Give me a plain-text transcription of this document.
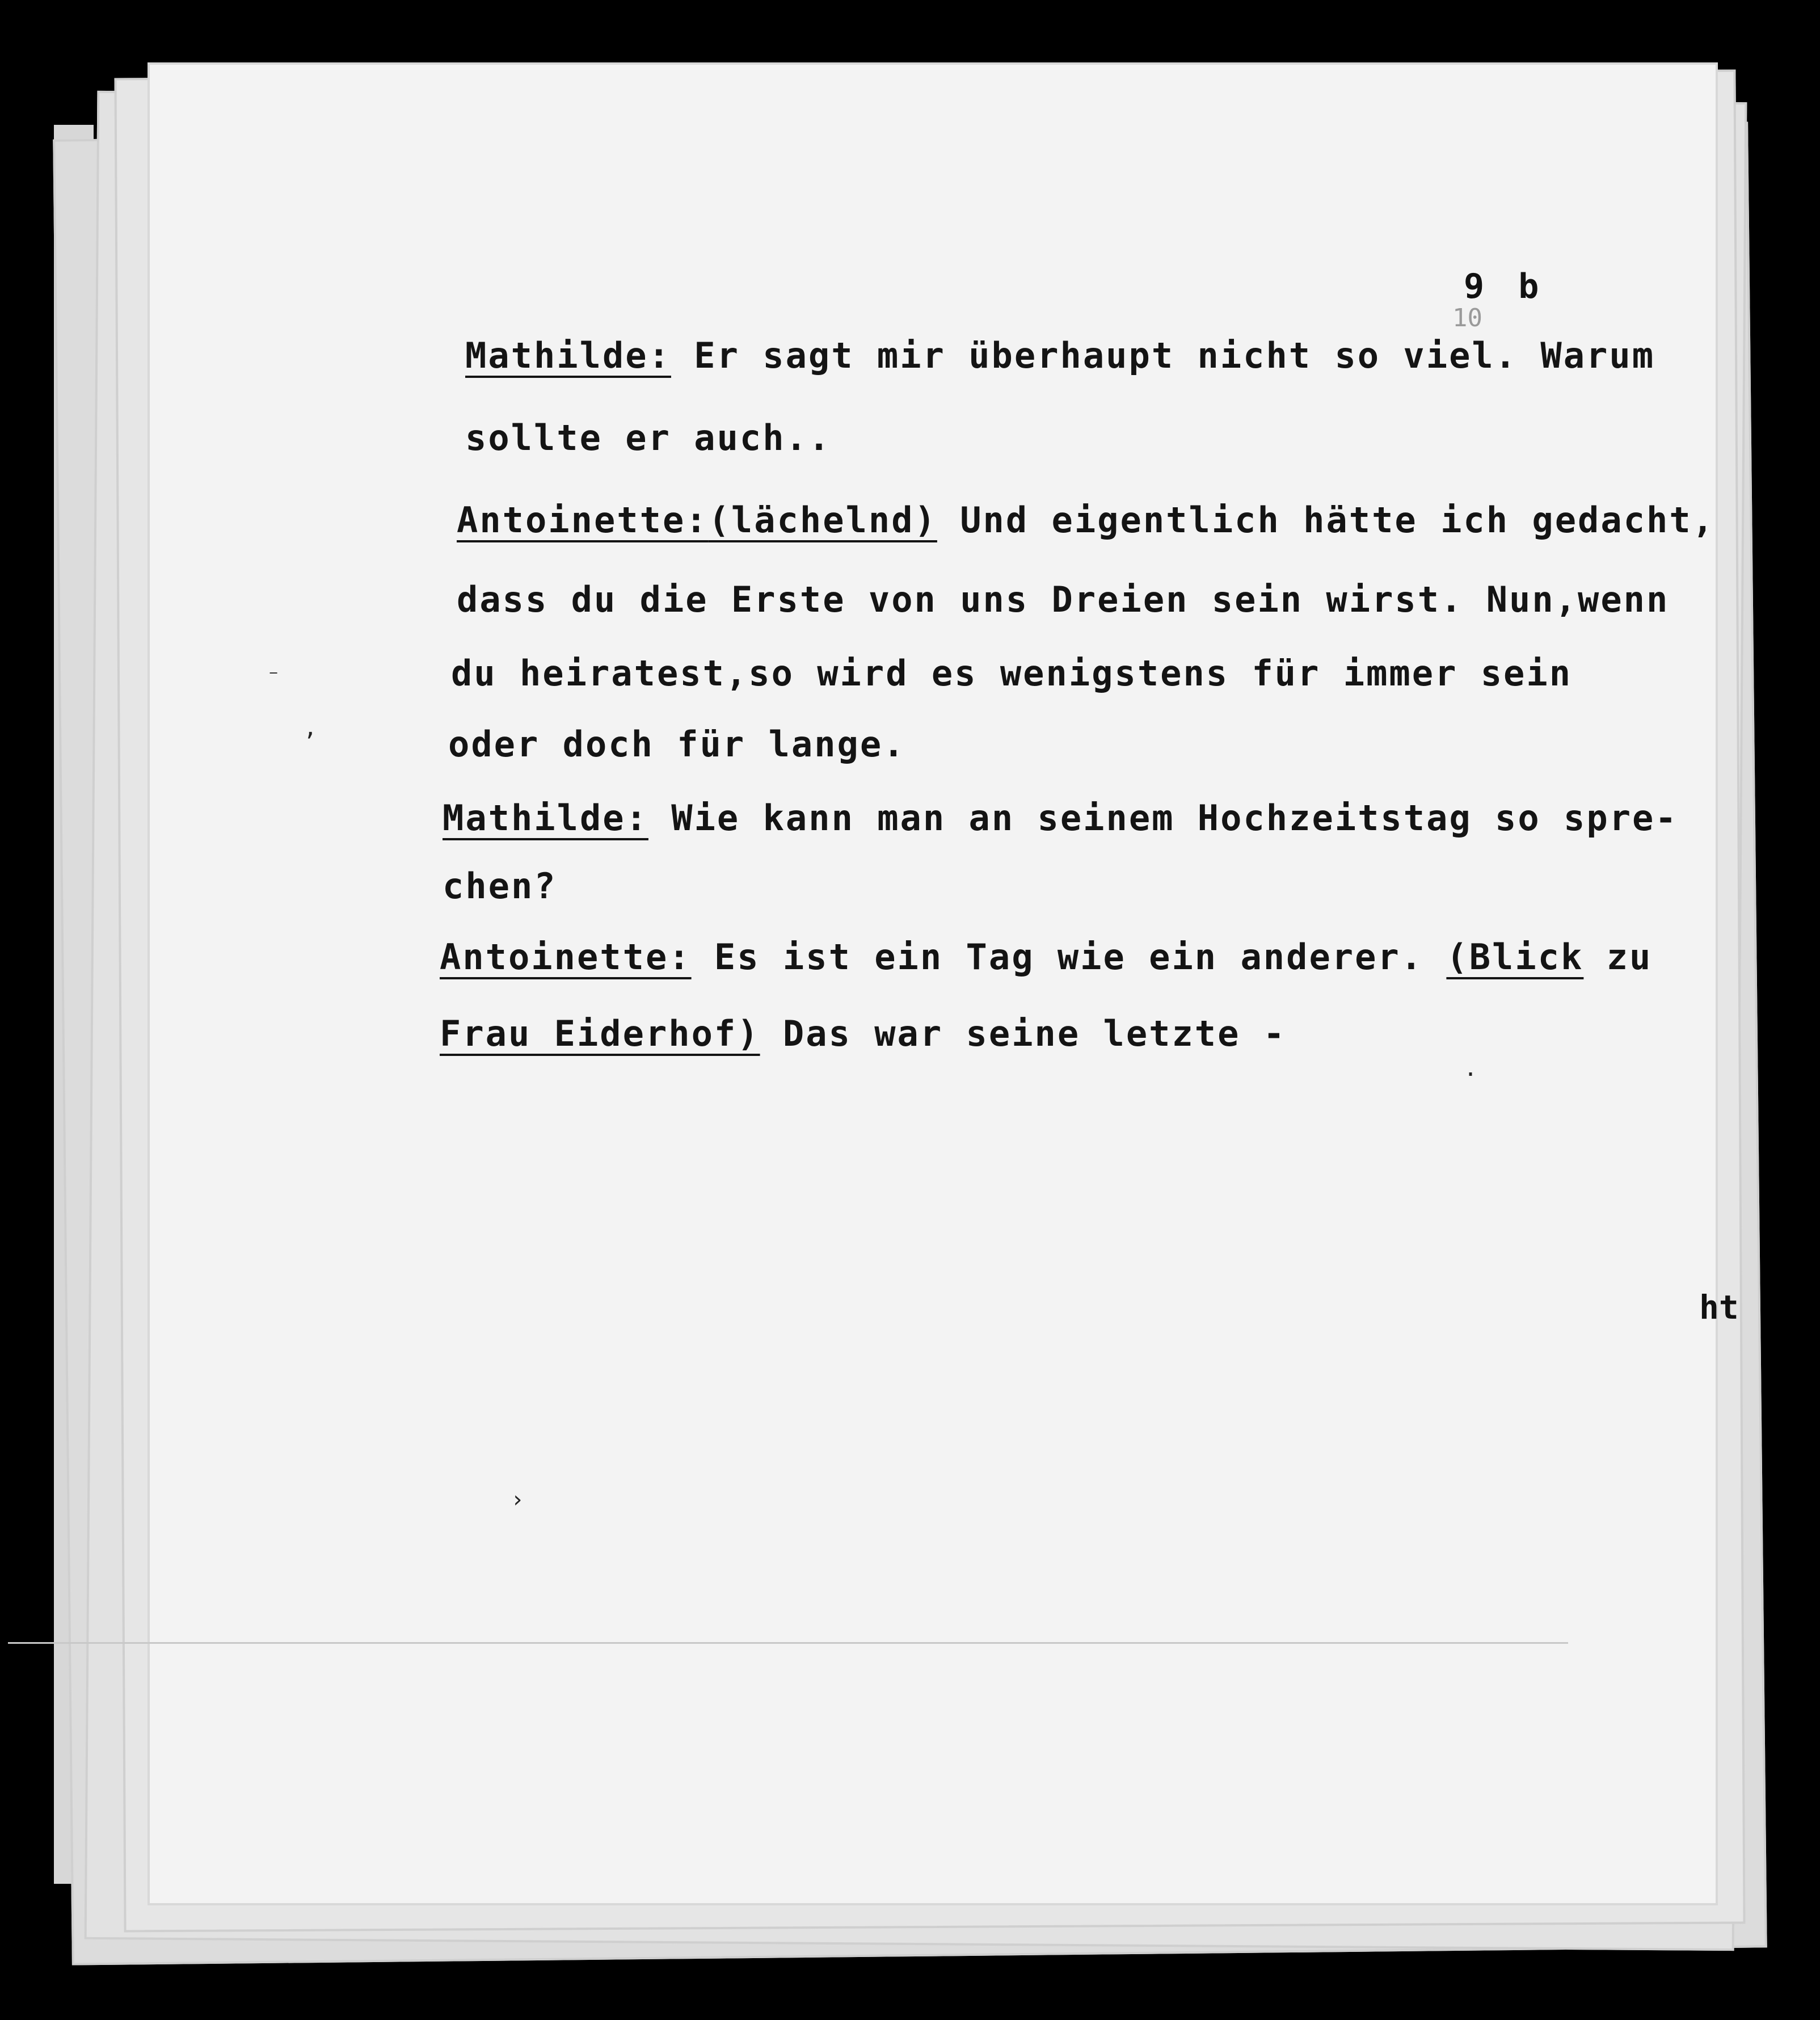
9 b
10
Mathilde: Er sagt mir überhaupt nicht so viel. Warum
sollte er auch..
Antoinette:(lächelnd) Und eigentlich hätte ich gedacht,
dass du die Erste von uns Dreien sein wirst. Nun,wenn
du heiratest,so wird es wenigstens für immer sein
oder doch für lange.
Mathilde: Wie kann man an seinem Hochzeitstag so spre-
chen?
Antoinette: Es ist ein Tag wie ein anderer. (Blick zu
Frau Eiderhof) Das war seine letzte -
ht
⁻
,
.
›
